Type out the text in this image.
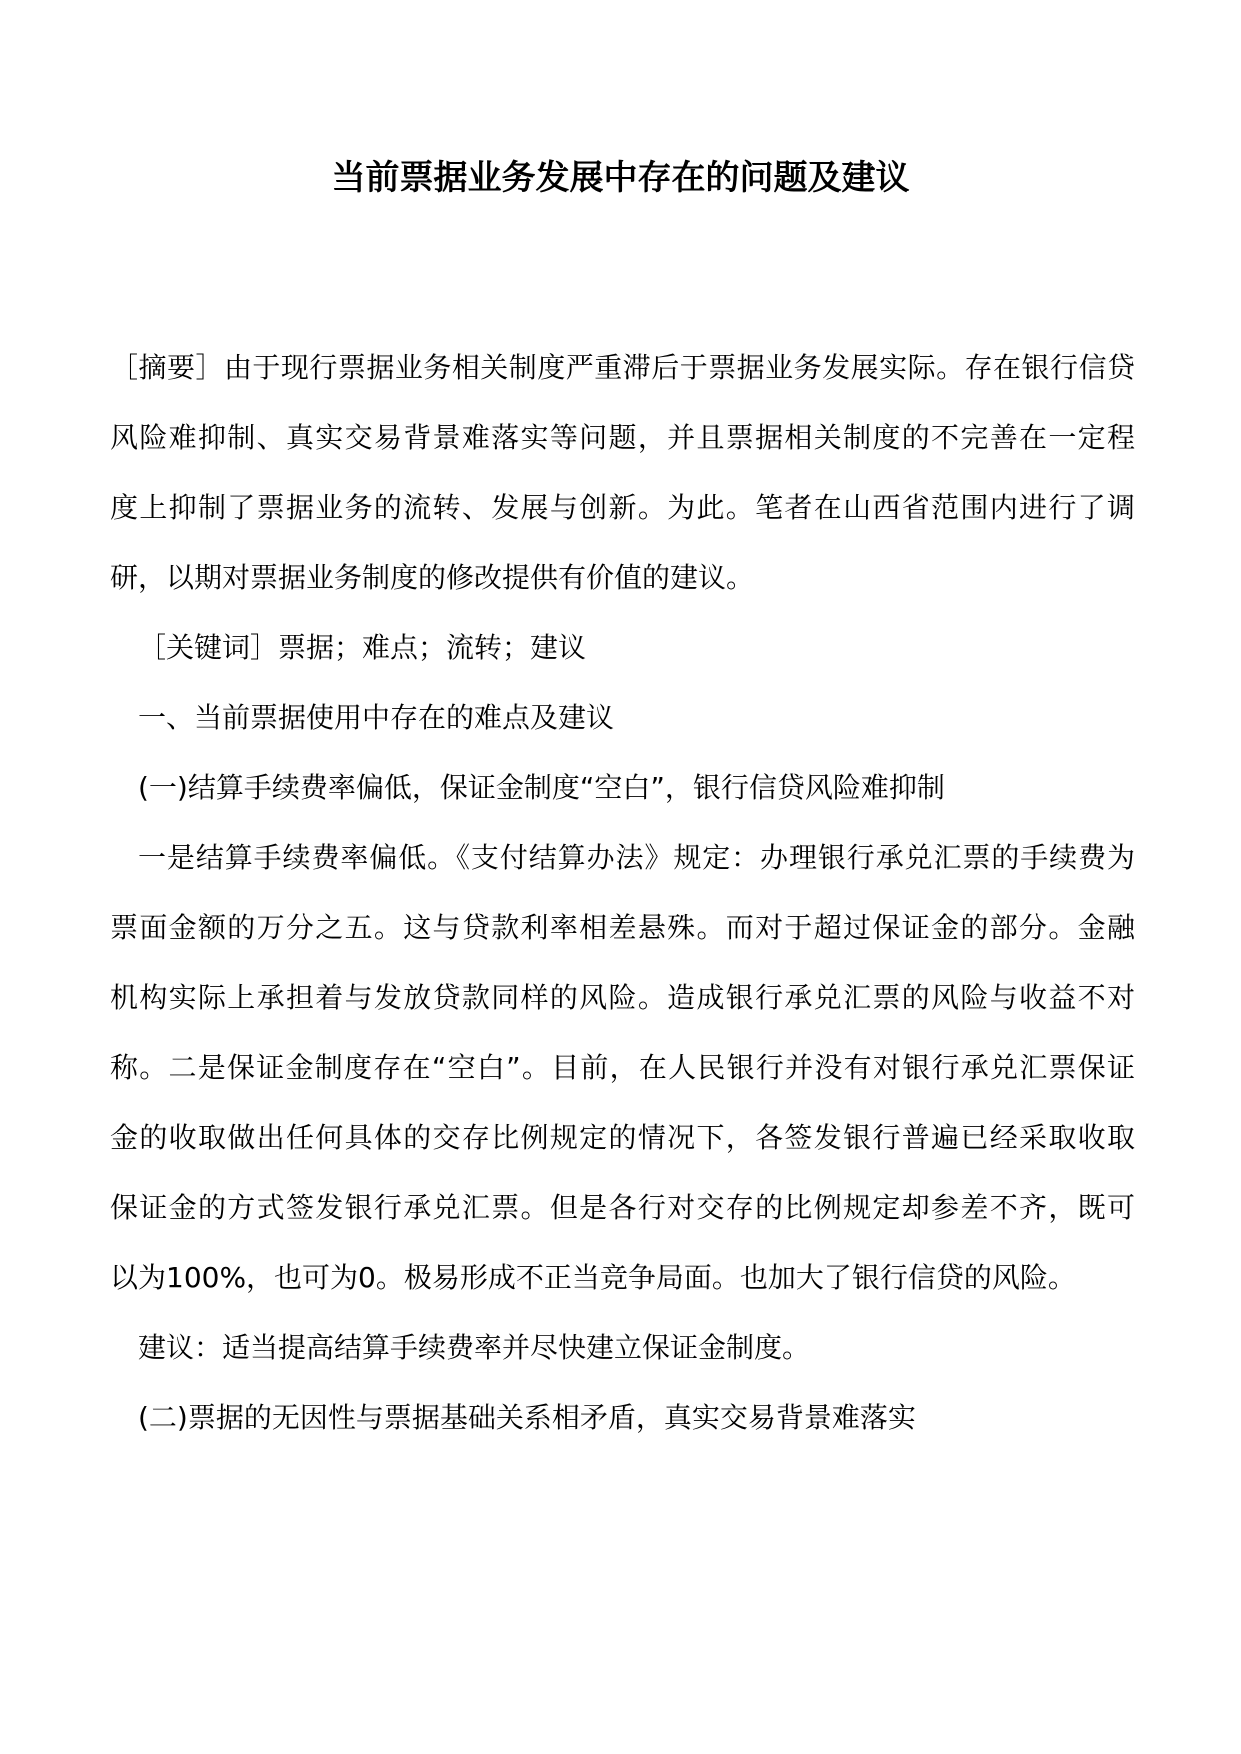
当前票据业务发展中存在的问题及建议
［摘要］由于现行票据业务相关制度严重滞后于票据业务发展实际。存在银行信贷
风险难抑制、真实交易背景难落实等问题，并且票据相关制度的不完善在一定程
度上抑制了票据业务的流转、发展与创新。为此。笔者在山西省范围内进行了调
研，以期对票据业务制度的修改提供有价值的建议。
［关键词］票据；难点；流转；建议
一、当前票据使用中存在的难点及建议
(一)结算手续费率偏低，保证金制度“空白”，银行信贷风险难抑制
一是结算手续费率偏低。《支付结算办法》规定：办理银行承兑汇票的手续费为
票面金额的万分之五。这与贷款利率相差悬殊。而对于超过保证金的部分。金融
机构实际上承担着与发放贷款同样的风险。造成银行承兑汇票的风险与收益不对
称。二是保证金制度存在“空白”。目前，在人民银行并没有对银行承兑汇票保证
金的收取做出任何具体的交存比例规定的情况下，各签发银行普遍已经采取收取
保证金的方式签发银行承兑汇票。但是各行对交存的比例规定却参差不齐，既可
以为100%，也可为0。极易形成不正当竞争局面。也加大了银行信贷的风险。
建议：适当提高结算手续费率并尽快建立保证金制度。
(二)票据的无因性与票据基础关系相矛盾，真实交易背景难落实
